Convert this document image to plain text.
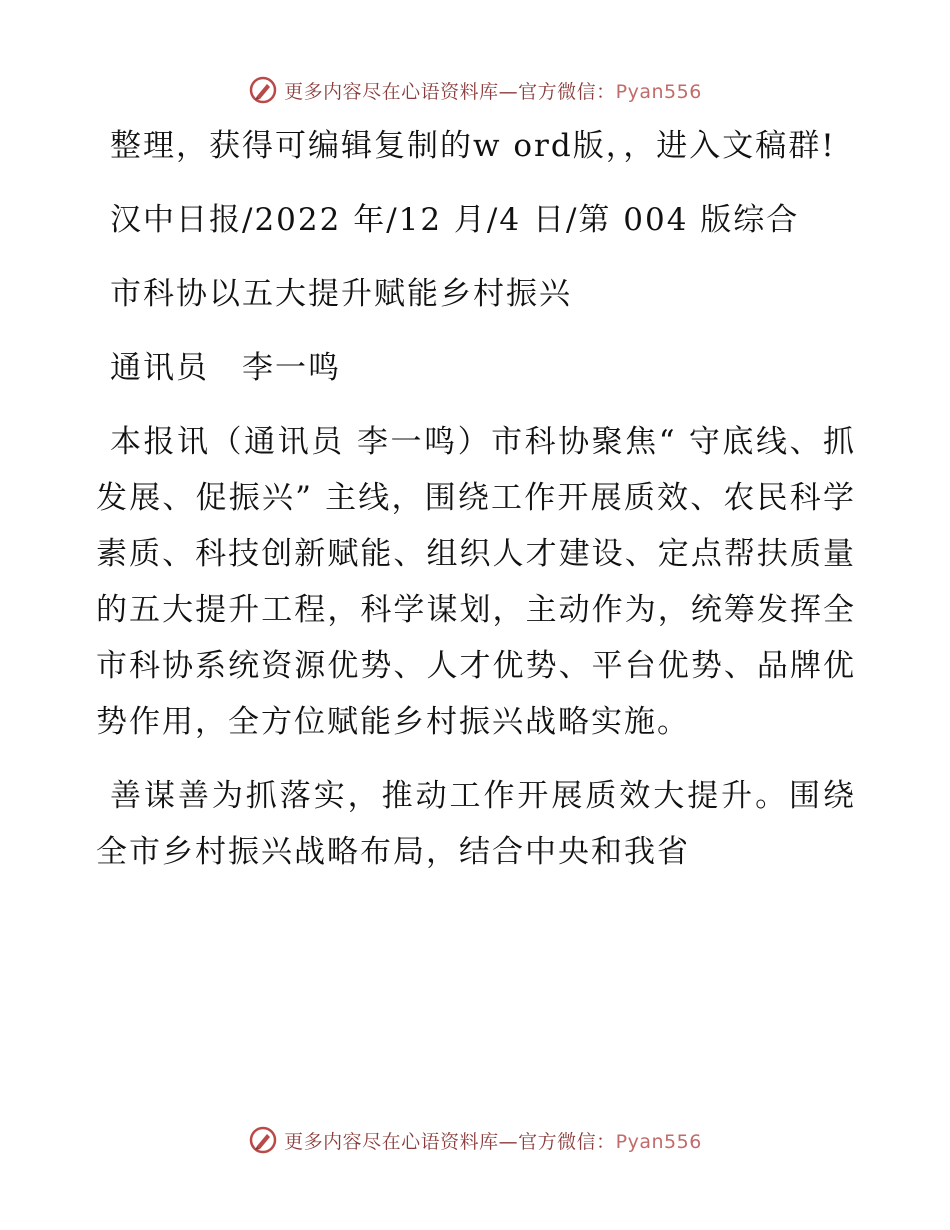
更多内容尽在心语资料库—官方微信：Pyan556

整理，获得可编辑复制的w ord版，，进入文稿群!

汉中日报/2022 年/12 月/4 日/第 004 版综合

市科协以五大提升赋能乡村振兴

通讯员　李一鸣

本报讯（通讯员 李一鸣）市科协聚焦“ 守底线、抓发展、促振兴” 主线，围绕工作开展质效、农民科学素质、科技创新赋能、组织人才建设、定点帮扶质量的五大提升工程，科学谋划，主动作为，统筹发挥全市科协系统资源优势、人才优势、平台优势、品牌优势作用，全方位赋能乡村振兴战略实施。

善谋善为抓落实，推动工作开展质效大提升。围绕全市乡村振兴战略布局，结合中央和我省

更多内容尽在心语资料库—官方微信：Pyan556
